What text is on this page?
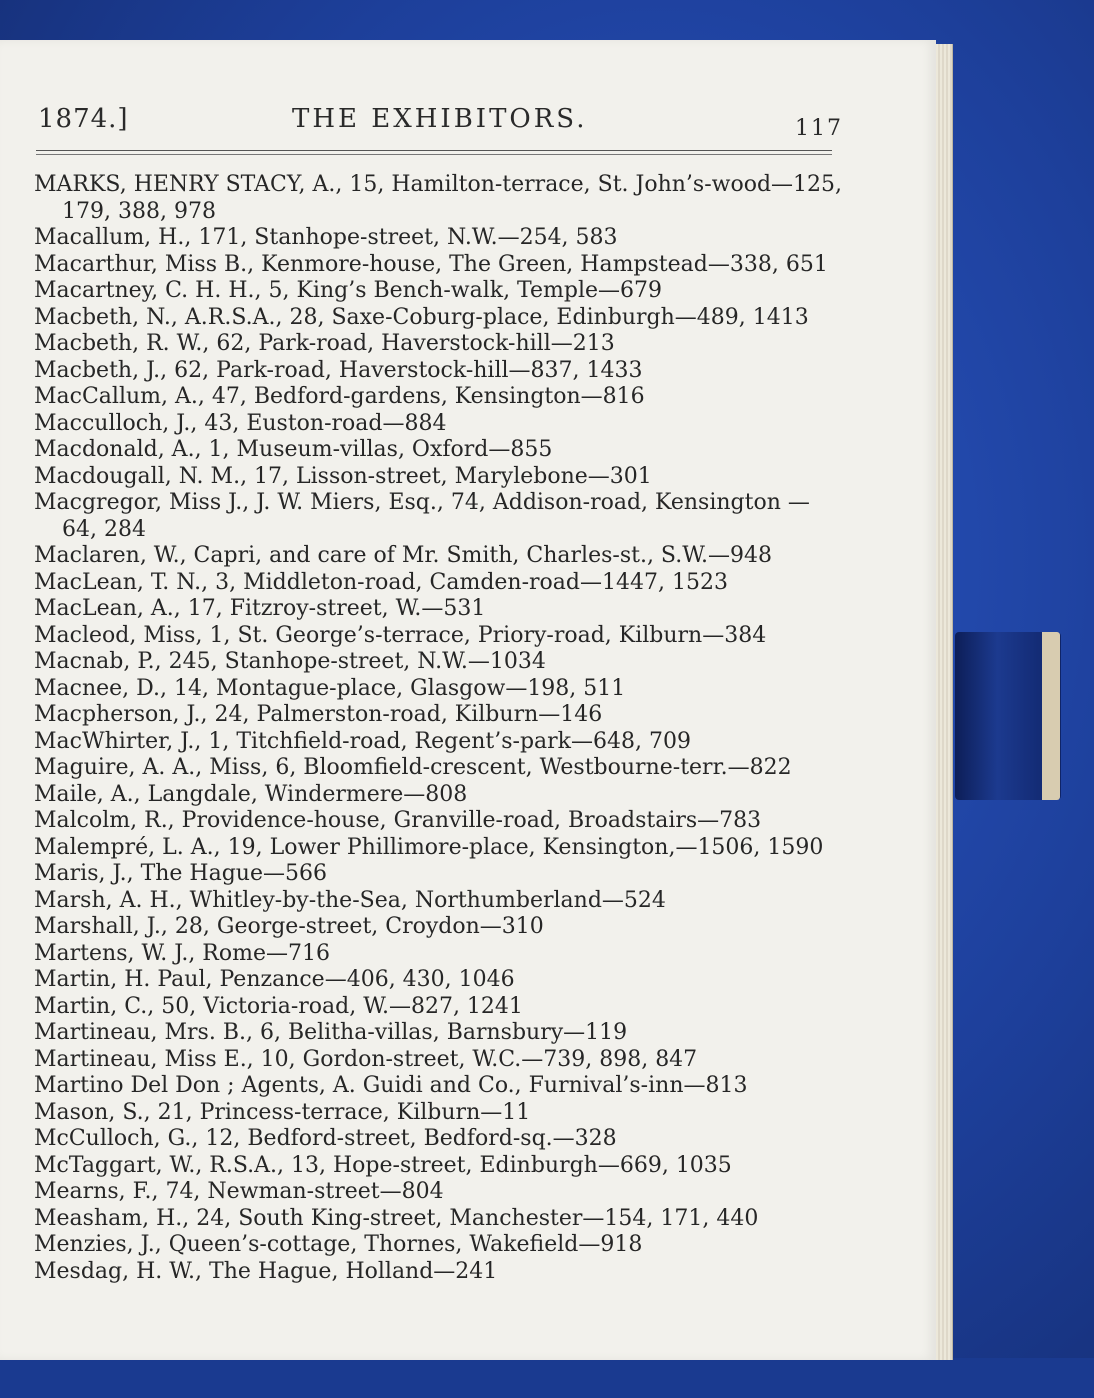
1874.]	THE EXHIBITORS.	117

MARKS, HENRY STACY, A., 15, Hamilton-terrace, St. John’s-wood—125, 179, 388, 978

Macallum, H., 171, Stanhope-street, N.W.—254, 583

Macarthur, Miss B., Kenmore-house, The Green, Hampstead—338, 651

Macartney, C. H. H., 5, King’s Bench-walk, Temple—679

Macbeth, N., A.R.S.A., 28, Saxe-Coburg-place, Edinburgh—489, 1413

Macbeth, R. W., 62, Park-road, Haverstock-hill—213

Macbeth, J., 62, Park-road, Haverstock-hill—837, 1433

MacCallum, A., 47, Bedford-gardens, Kensington—816

Macculloch, J., 43, Euston-road—884

Macdonald, A., 1, Museum-villas, Oxford—855

Macdougall, N. M., 17, Lisson-street, Marylebone—301

Macgregor, Miss J., J. W. Miers, Esq., 74, Addison-road, Kensington —64, 284

Maclaren, W., Capri, and care of Mr. Smith, Charles-st., S.W.—948

MacLean, T. N., 3, Middleton-road, Camden-road—1447, 1523

MacLean, A., 17, Fitzroy-street, W.—531

Macleod, Miss, 1, St. George’s-terrace, Priory-road, Kilburn—384

Macnab, P., 245, Stanhope-street, N.W.—1034

Macnee, D., 14, Montague-place, Glasgow—198, 511

Macpherson, J., 24, Palmerston-road, Kilburn—146

MacWhirter, J., 1, Titchfield-road, Regent’s-park—648, 709

Maguire, A. A., Miss, 6, Bloomfield-crescent, Westbourne-terr.—822

Maile, A., Langdale, Windermere—808

Malcolm, R., Providence-house, Granville-road, Broadstairs—783

Malempré, L. A., 19, Lower Phillimore-place, Kensington,—1506, 1590

Maris, J., The Hague—566

Marsh, A. H., Whitley-by-the-Sea, Northumberland—524

Marshall, J., 28, George-street, Croydon—310

Martens, W. J., Rome—716

Martin, H. Paul, Penzance—406, 430, 1046

Martin, C., 50, Victoria-road, W.—827, 1241

Martineau, Mrs. B., 6, Belitha-villas, Barnsbury—119

Martineau, Miss E., 10, Gordon-street, W.C.—739, 898, 847

Martino Del Don ; Agents, A. Guidi and Co., Furnival’s-inn—813

Mason, S., 21, Princess-terrace, Kilburn—11

McCulloch, G., 12, Bedford-street, Bedford-sq.—328

McTaggart, W., R.S.A., 13, Hope-street, Edinburgh—669, 1035

Mearns, F., 74, Newman-street—804

Measham, H., 24, South King-street, Manchester—154, 171, 440

Menzies, J., Queen’s-cottage, Thornes, Wakefield—918

Mesdag, H. W., The Hague, Holland—241
